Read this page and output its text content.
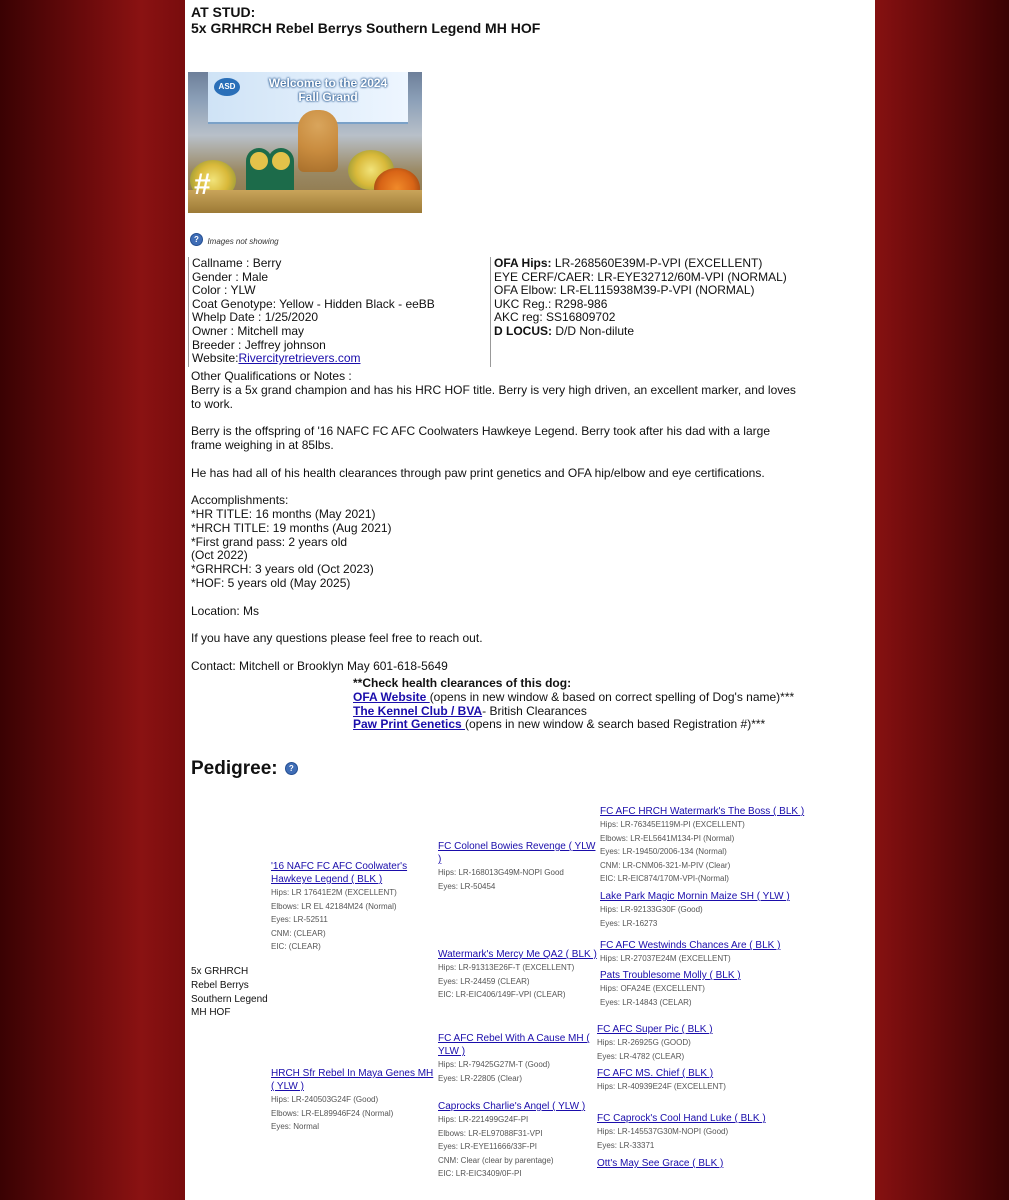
AT STUD:
5x GRHRCH Rebel Berrys Southern Legend MH HOF
ASD	Welcome to the 2024 Fall Grand
#
? Images not showing
Callname : Berry
Gender : Male
Color : YLW
Coat Genotype: Yellow - Hidden Black - eeBB
Whelp Date : 1/25/2020
Owner : Mitchell may
Breeder : Jeffrey johnson
Website:Rivercityretrievers.com
OFA Hips: LR-268560E39M-P-VPI (EXCELLENT)
EYE CERF/CAER: LR-EYE32712/60M-VPI (NORMAL)
OFA Elbow: LR-EL115938M39-P-VPI (NORMAL)
UKC Reg.: R298-986
AKC reg: SS16809702
D LOCUS: D/D Non-dilute
Other Qualifications or Notes :
Berry is a 5x grand champion and has his HRC HOF title. Berry is very high driven, an excellent marker, and loves to work.

Berry is the offspring of '16 NAFC FC AFC Coolwaters Hawkeye Legend. Berry took after his dad with a large frame weighing in at 85lbs.

He has had all of his health clearances through paw print genetics and OFA hip/elbow and eye certifications.

Accomplishments:
*HR TITLE: 16 months (May 2021)
*HRCH TITLE: 19 months (Aug 2021)
*First grand pass: 2 years old
(Oct 2022)
*GRHRCH: 3 years old (Oct 2023)
*HOF: 5 years old (May 2025)

Location: Ms

If you have any questions please feel free to reach out.

Contact: Mitchell or Brooklyn May 601-618-5649
**Check health clearances of this dog:
OFA Website (opens in new window & based on correct spelling of Dog's name)***
The Kennel Club / BVA- British Clearances
Paw Print Genetics (opens in new window & search based Registration #)***
Pedigree: ?
5x GRHRCH Rebel Berrys Southern Legend MH HOF
'16 NAFC FC AFC Coolwater's Hawkeye Legend ( BLK )
Hips: LR 17641E2M (EXCELLENT)
Elbows: LR EL 42184M24 (Normal)
Eyes: LR-52511
CNM: (CLEAR)
EIC: (CLEAR)
HRCH Sfr Rebel In Maya Genes MH ( YLW )
Hips: LR-240503G24F (Good)
Elbows: LR-EL89946F24 (Normal)
Eyes: Normal
FC Colonel Bowies Revenge ( YLW )
Hips: LR-168013G49M-NOPI Good
Eyes: LR-50454
Watermark's Mercy Me QA2 ( BLK )
Hips: LR-91313E26F-T (EXCELLENT)
Eyes: LR-24459 (CLEAR)
EIC: LR-EIC406/149F-VPI (CLEAR)
FC AFC Rebel With A Cause MH ( YLW )
Hips: LR-79425G27M-T (Good)
Eyes: LR-22805 (Clear)
Caprocks Charlie's Angel ( YLW )
Hips: LR-221499G24F-PI
Elbows: LR-EL97088F31-VPI
Eyes: LR-EYE11666/33F-PI
CNM: Clear (clear by parentage)
EIC: LR-EIC3409/0F-PI
FC AFC HRCH Watermark's The Boss ( BLK )
Hips: LR-76345E119M-PI (EXCELLENT)
Elbows: LR-EL5641M134-PI (Normal)
Eyes: LR-19450/2006-134 (Normal)
CNM: LR-CNM06-321-M-PIV (Clear)
EIC: LR-EIC874/170M-VPI-(Normal)
Lake Park Magic Mornin Maize SH ( YLW )
Hips: LR-92133G30F (Good)
Eyes: LR-16273
FC AFC Westwinds Chances Are ( BLK )
Hips: LR-27037E24M (EXCELLENT)
Pats Troublesome Molly ( BLK )
Hips: OFA24E (EXCELLENT)
Eyes: LR-14843 (CELAR)
FC AFC Super Pic ( BLK )
Hips: LR-26925G (GOOD)
Eyes: LR-4782 (CLEAR)
FC AFC MS. Chief ( BLK )
Hips: LR-40939E24F (EXCELLENT)
FC Caprock's Cool Hand Luke ( BLK )
Hips: LR-145537G30M-NOPI (Good)
Eyes: LR-33371
Ott's May See Grace ( BLK )
